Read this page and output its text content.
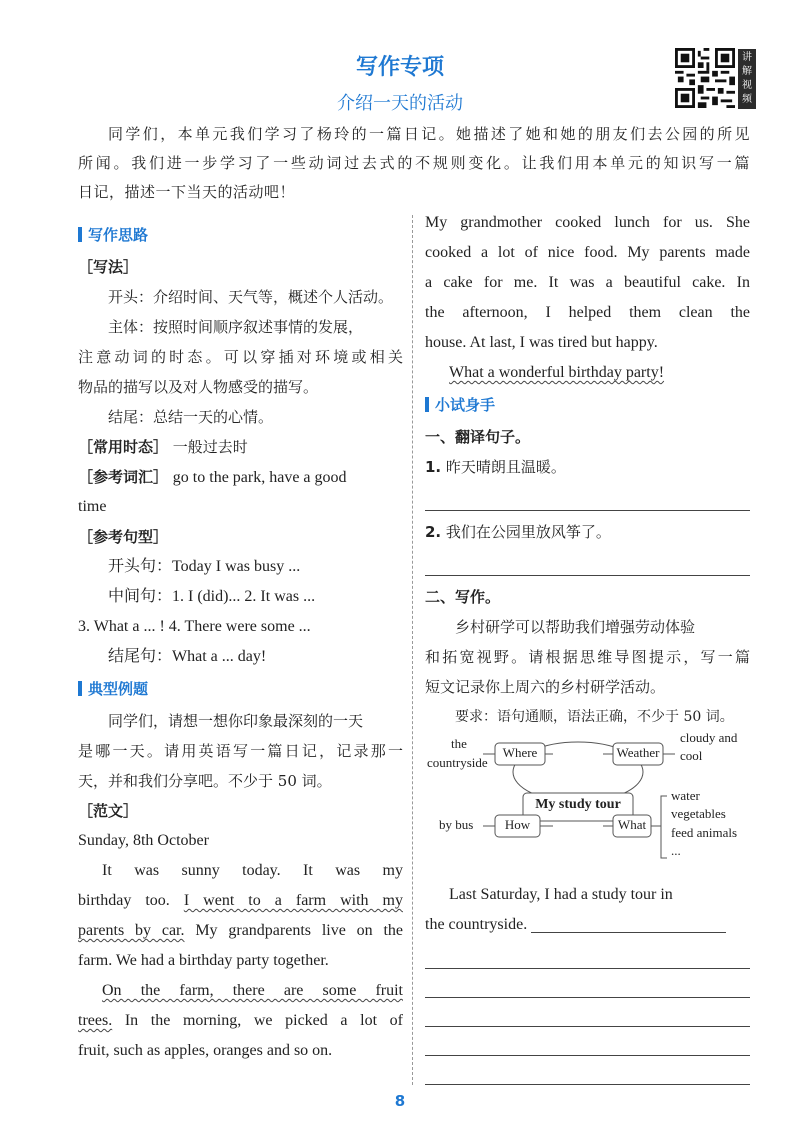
写作专项
介绍一天的活动
讲解视频
同学们，本单元我们学习了杨玲的一篇日记。她描述了她和她的朋友们去公园的所见
所闻。我们进一步学习了一些动词过去式的不规则变化。让我们用本单元的知识写一篇
日记，描述一下当天的活动吧！
写作思路
［写法］
开头：介绍时间、天气等，概述个人活动。
主体：按照时间顺序叙述事情的发展，
注意动词的时态。可以穿插对环境或相关
物品的描写以及对人物感受的描写。
结尾：总结一天的心情。
［常用时态］ 一般过去时
［参考词汇］ go to the park, have a good
time
［参考句型］
开头句：Today I was busy ...
中间句：1. I (did)... 2. It was ...
3. What a ... ! 4. There were some ...
结尾句：What a ... day!
典型例题
同学们，请想一想你印象最深刻的一天
是哪一天。请用英语写一篇日记，记录那一
天，并和我们分享吧。不少于 50 词。
［范文］
Sunday, 8th October
It was sunny today. It was my
birthday too. I went to a farm with my
parents by car. My grandparents live on the
farm. We had a birthday party together.
On the farm, there are some fruit
trees. In the morning, we picked a lot of
fruit, such as apples, oranges and so on.
My grandmother cooked lunch for us. She
cooked a lot of nice food. My parents made
a cake for me. It was a beautiful cake. In
the afternoon, I helped them clean the
house. At last, I was tired but happy.
What a wonderful birthday party!
小试身手
一、翻译句子。
1. 昨天晴朗且温暖。
2. 我们在公园里放风筝了。
二、写作。
乡村研学可以帮助我们增强劳动体验
和拓宽视野。请根据思维导图提示，写一篇
短文记录你上周六的乡村研学活动。
要求：语句通顺，语法正确，不少于 50 词。
the
countryside
Where	Weather
cloudy and
cool
My study tour
by bus	How	What
water
vegetables
feed animals
...
Last Saturday, I had a study tour in
the countryside.
8
